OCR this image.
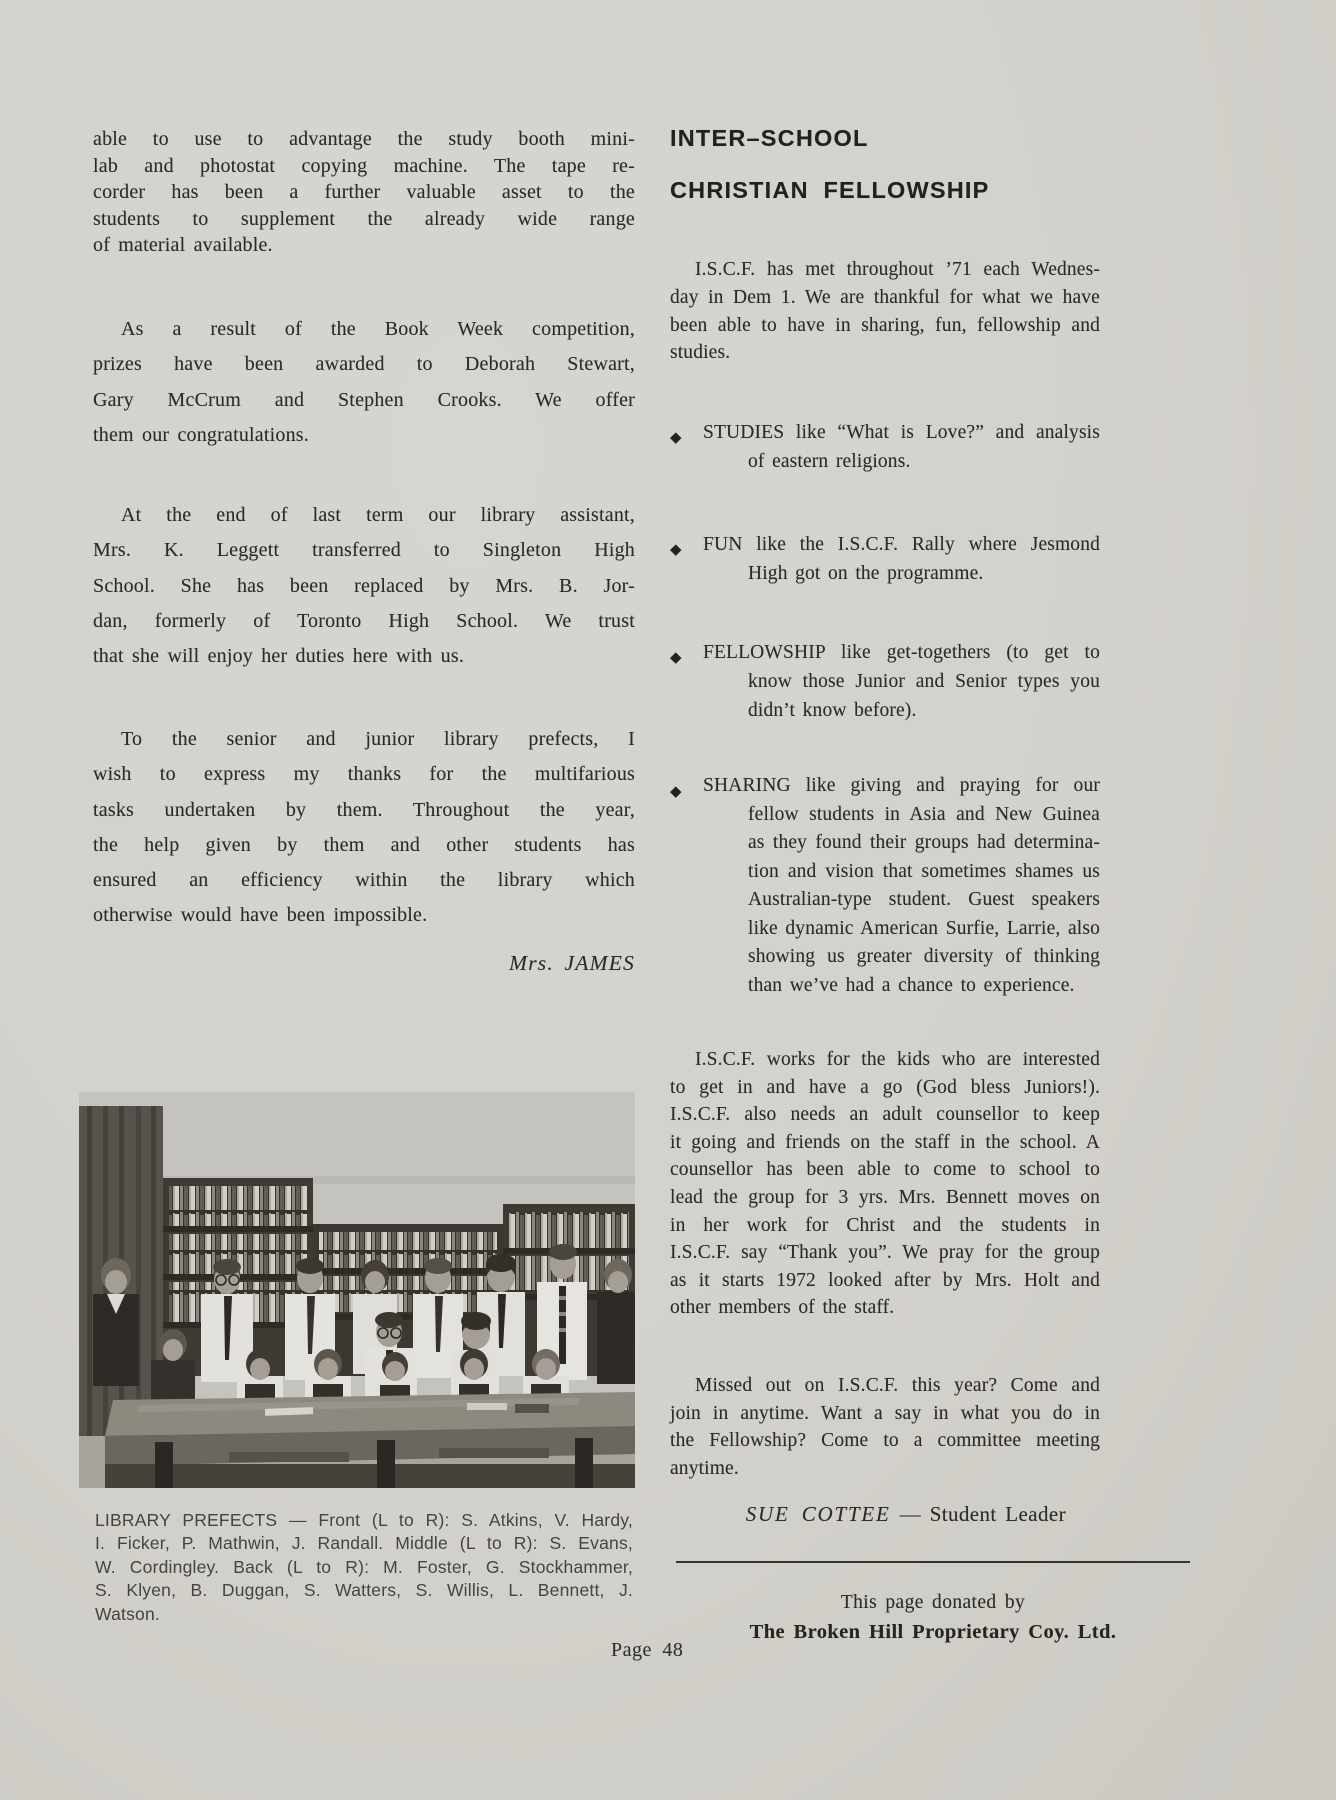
able to use to advantage the study booth mini-
lab and photostat copying machine. The tape re-
corder has been a further valuable asset to the
students to supplement the already wide range
of material available.
As a result of the Book Week competition,
prizes have been awarded to Deborah Stewart,
Gary McCrum and Stephen Crooks. We offer
them our congratulations.
At the end of last term our library assistant,
Mrs. K. Leggett transferred to Singleton High
School. She has been replaced by Mrs. B. Jor-
dan, formerly of Toronto High School. We trust
that she will enjoy her duties here with us.
To the senior and junior library prefects, I
wish to express my thanks for the multifarious
tasks undertaken by them. Throughout the year,
the help given by them and other students has
ensured an efficiency within the library which
otherwise would have been impossible.
Mrs. JAMES
LIBRARY PREFECTS — Front (L to R): S. Atkins, V. Hardy,
I. Ficker, P. Mathwin, J. Randall. Middle (L to R): S. Evans,
W. Cordingley. Back (L to R): M. Foster, G. Stockhammer,
S. Klyen, B. Duggan, S. Watters, S. Willis, L. Bennett, J.
Watson.
Page 48
INTER–SCHOOL
CHRISTIAN FELLOWSHIP
I.S.C.F. has met throughout ’71 each Wednes-
day in Dem 1. We are thankful for what we have
been able to have in sharing, fun, fellowship and
studies.
◆ STUDIES like “What is Love?” and analysis
of eastern religions.
◆ FUN like the I.S.C.F. Rally where Jesmond
High got on the programme.
◆ FELLOWSHIP like get-togethers (to get to
know those Junior and Senior types you
didn’t know before).
◆ SHARING like giving and praying for our
fellow students in Asia and New Guinea
as they found their groups had determina-
tion and vision that sometimes shames us
Australian-type student. Guest speakers
like dynamic American Surfie, Larrie, also
showing us greater diversity of thinking
than we’ve had a chance to experience.
I.S.C.F. works for the kids who are interested
to get in and have a go (God bless Juniors!).
I.S.C.F. also needs an adult counsellor to keep
it going and friends on the staff in the school. A
counsellor has been able to come to school to
lead the group for 3 yrs. Mrs. Bennett moves on
in her work for Christ and the students in
I.S.C.F. say “Thank you”. We pray for the group
as it starts 1972 looked after by Mrs. Holt and
other members of the staff.
Missed out on I.S.C.F. this year? Come and
join in anytime. Want a say in what you do in
the Fellowship? Come to a committee meeting
anytime.
SUE COTTEE — Student Leader
This page donated by
The Broken Hill Proprietary Coy. Ltd.
